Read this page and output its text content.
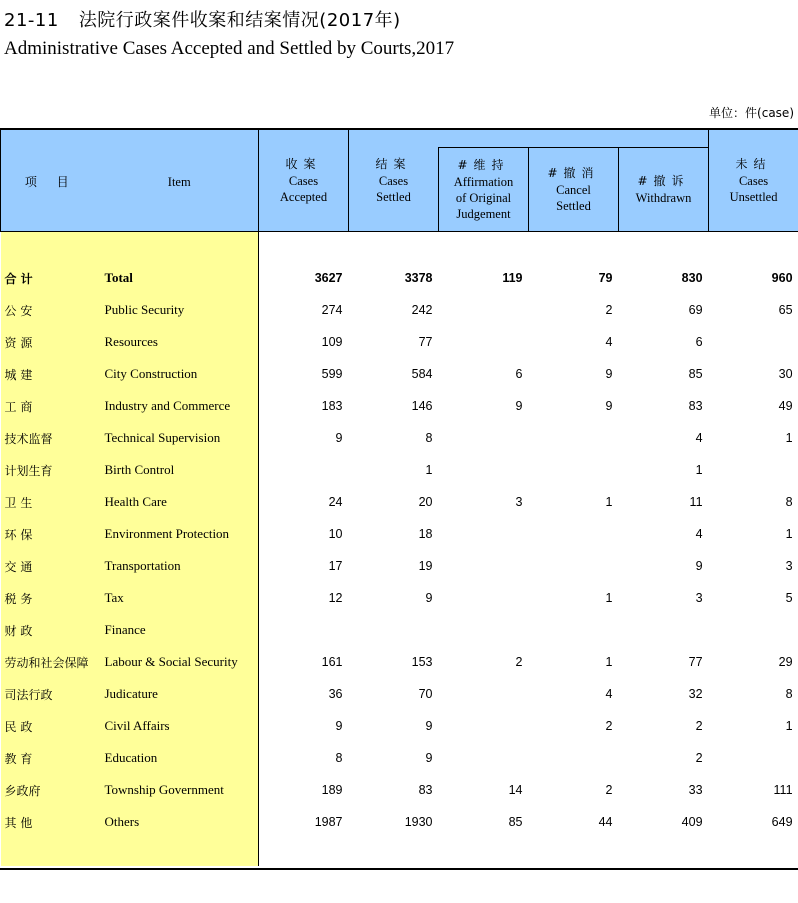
21-11 法院行政案件收案和结案情况(2017年)
Administrative Cases Accepted and Settled by Courts,2017
单位：件(case)
项 目	Item	收案
Cases
Accepted	结案
Cases
Settled				未结
Cases
Unsettled

				#维持
Affirmation
of Original
Judgement	#撤消
Cancel
Settled	#撤诉
Withdrawn	

合 计	Total	3627	3378	119	79	830	960
公 安	Public Security	274	242		2	69	65
资 源	Resources	109	77		4	6	
城 建	City Construction	599	584	6	9	85	30
工 商	Industry and Commerce	183	146	9	9	83	49
技术监督	Technical Supervision	9	8			4	1
计划生育	Birth Control		1			1	
卫 生	Health Care	24	20	3	1	11	8
环 保	Environment Protection	10	18			4	1
交 通	Transportation	17	19			9	3
税 务	Tax	12	9		1	3	5
财 政	Finance						
劳动和社会保障	Labour & Social Security	161	153	2	1	77	29
司法行政	Judicature	36	70		4	32	8
民 政	Civil Affairs	9	9		2	2	1
教 育	Education	8	9			2	
乡政府	Township Government	189	83	14	2	33	111
其 他	Others	1987	1930	85	44	409	649
